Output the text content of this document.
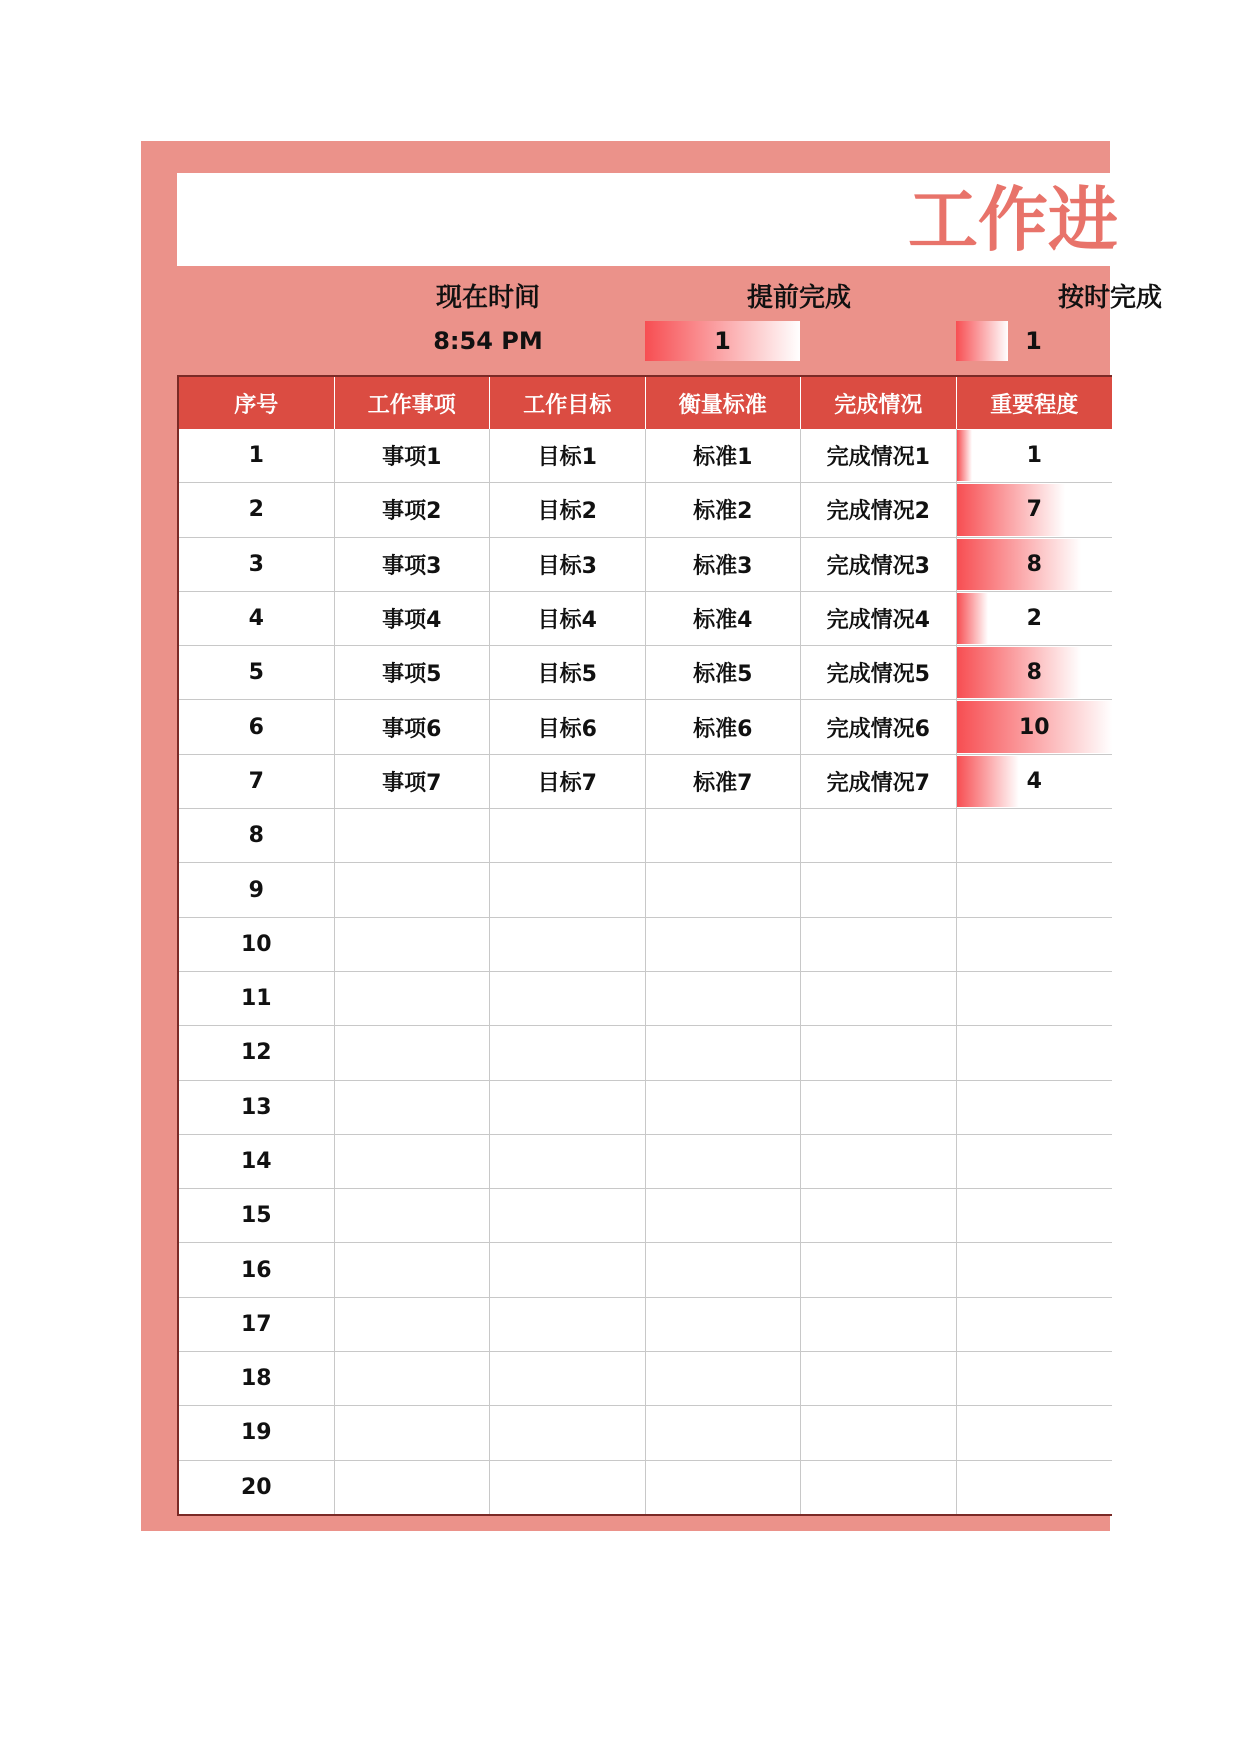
工作进
现在时间
8:54 PM
提前完成
1
按时完成
1
序号	工作事项	工作目标	衡量标准	完成情况	重要程度
1	事项1	目标1	标准1	完成情况1	1
2	事项2	目标2	标准2	完成情况2	7
3	事项3	目标3	标准3	完成情况3	8
4	事项4	目标4	标准4	完成情况4	2
5	事项5	目标5	标准5	完成情况5	8
6	事项6	目标6	标准6	完成情况6	10
7	事项7	目标7	标准7	完成情况7	4
8
9
10
11
12
13
14
15
16
17
18
19
20
